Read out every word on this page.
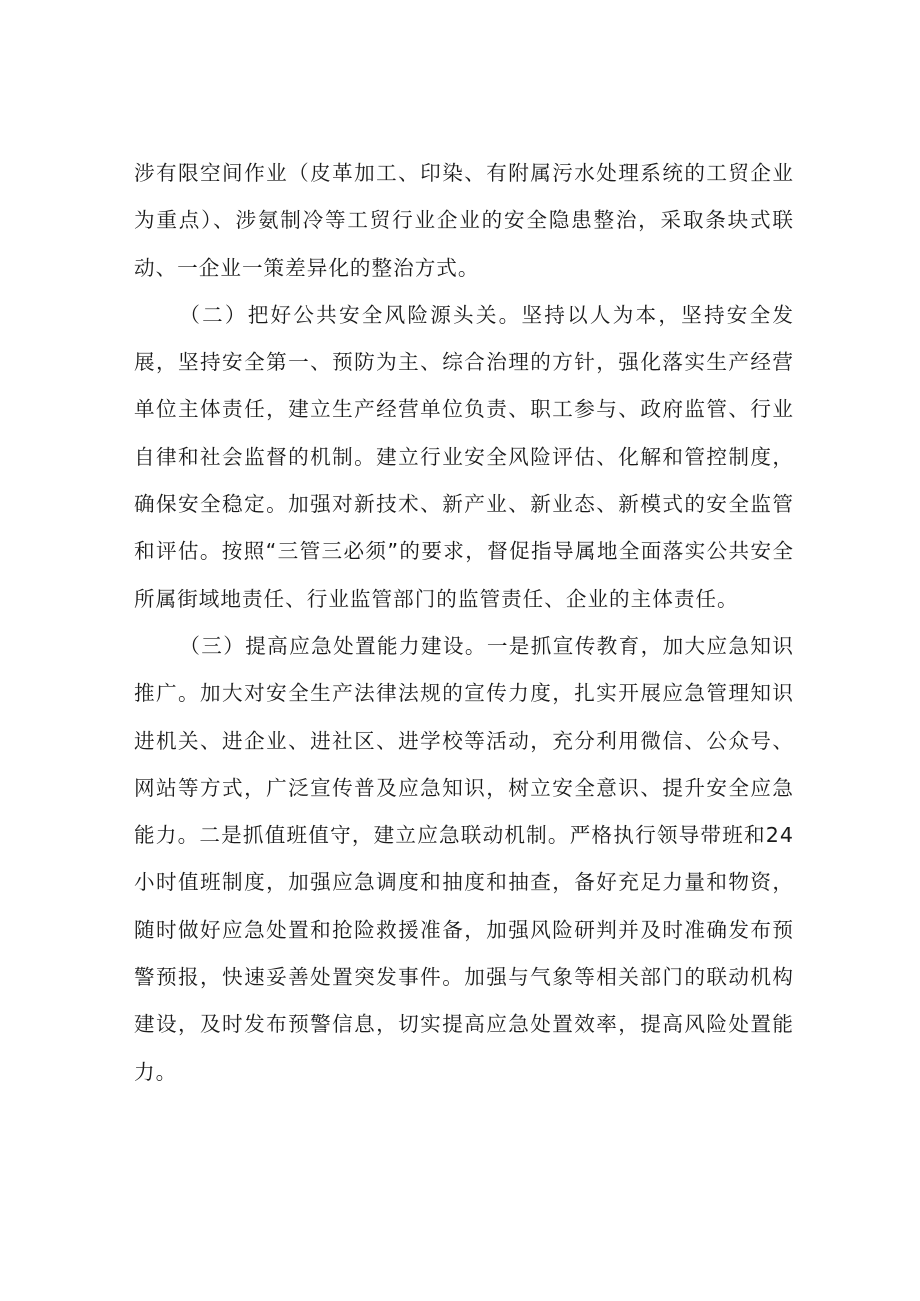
涉有限空间作业（皮革加工、印染、有附属污水处理系统的工贸企业为重点）、涉氨制冷等工贸行业企业的安全隐患整治，采取条块式联动、一企业一策差异化的整治方式。

（二）把好公共安全风险源头关。坚持以人为本，坚持安全发展，坚持安全第一、预防为主、综合治理的方针，强化落实生产经营单位主体责任，建立生产经营单位负责、职工参与、政府监管、行业自律和社会监督的机制。建立行业安全风险评估、化解和管控制度，确保安全稳定。加强对新技术、新产业、新业态、新模式的安全监管和评估。按照“三管三必须”的要求，督促指导属地全面落实公共安全所属街域地责任、行业监管部门的监管责任、企业的主体责任。

（三）提高应急处置能力建设。一是抓宣传教育，加大应急知识推广。加大对安全生产法律法规的宣传力度，扎实开展应急管理知识进机关、进企业、进社区、进学校等活动，充分利用微信、公众号、网站等方式，广泛宣传普及应急知识，树立安全意识、提升安全应急能力。二是抓值班值守，建立应急联动机制。严格执行领导带班和24小时值班制度，加强应急调度和抽度和抽查，备好充足力量和物资，随时做好应急处置和抢险救援准备，加强风险研判并及时准确发布预警预报，快速妥善处置突发事件。加强与气象等相关部门的联动机构建设，及时发布预警信息，切实提高应急处置效率，提高风险处置能力。
